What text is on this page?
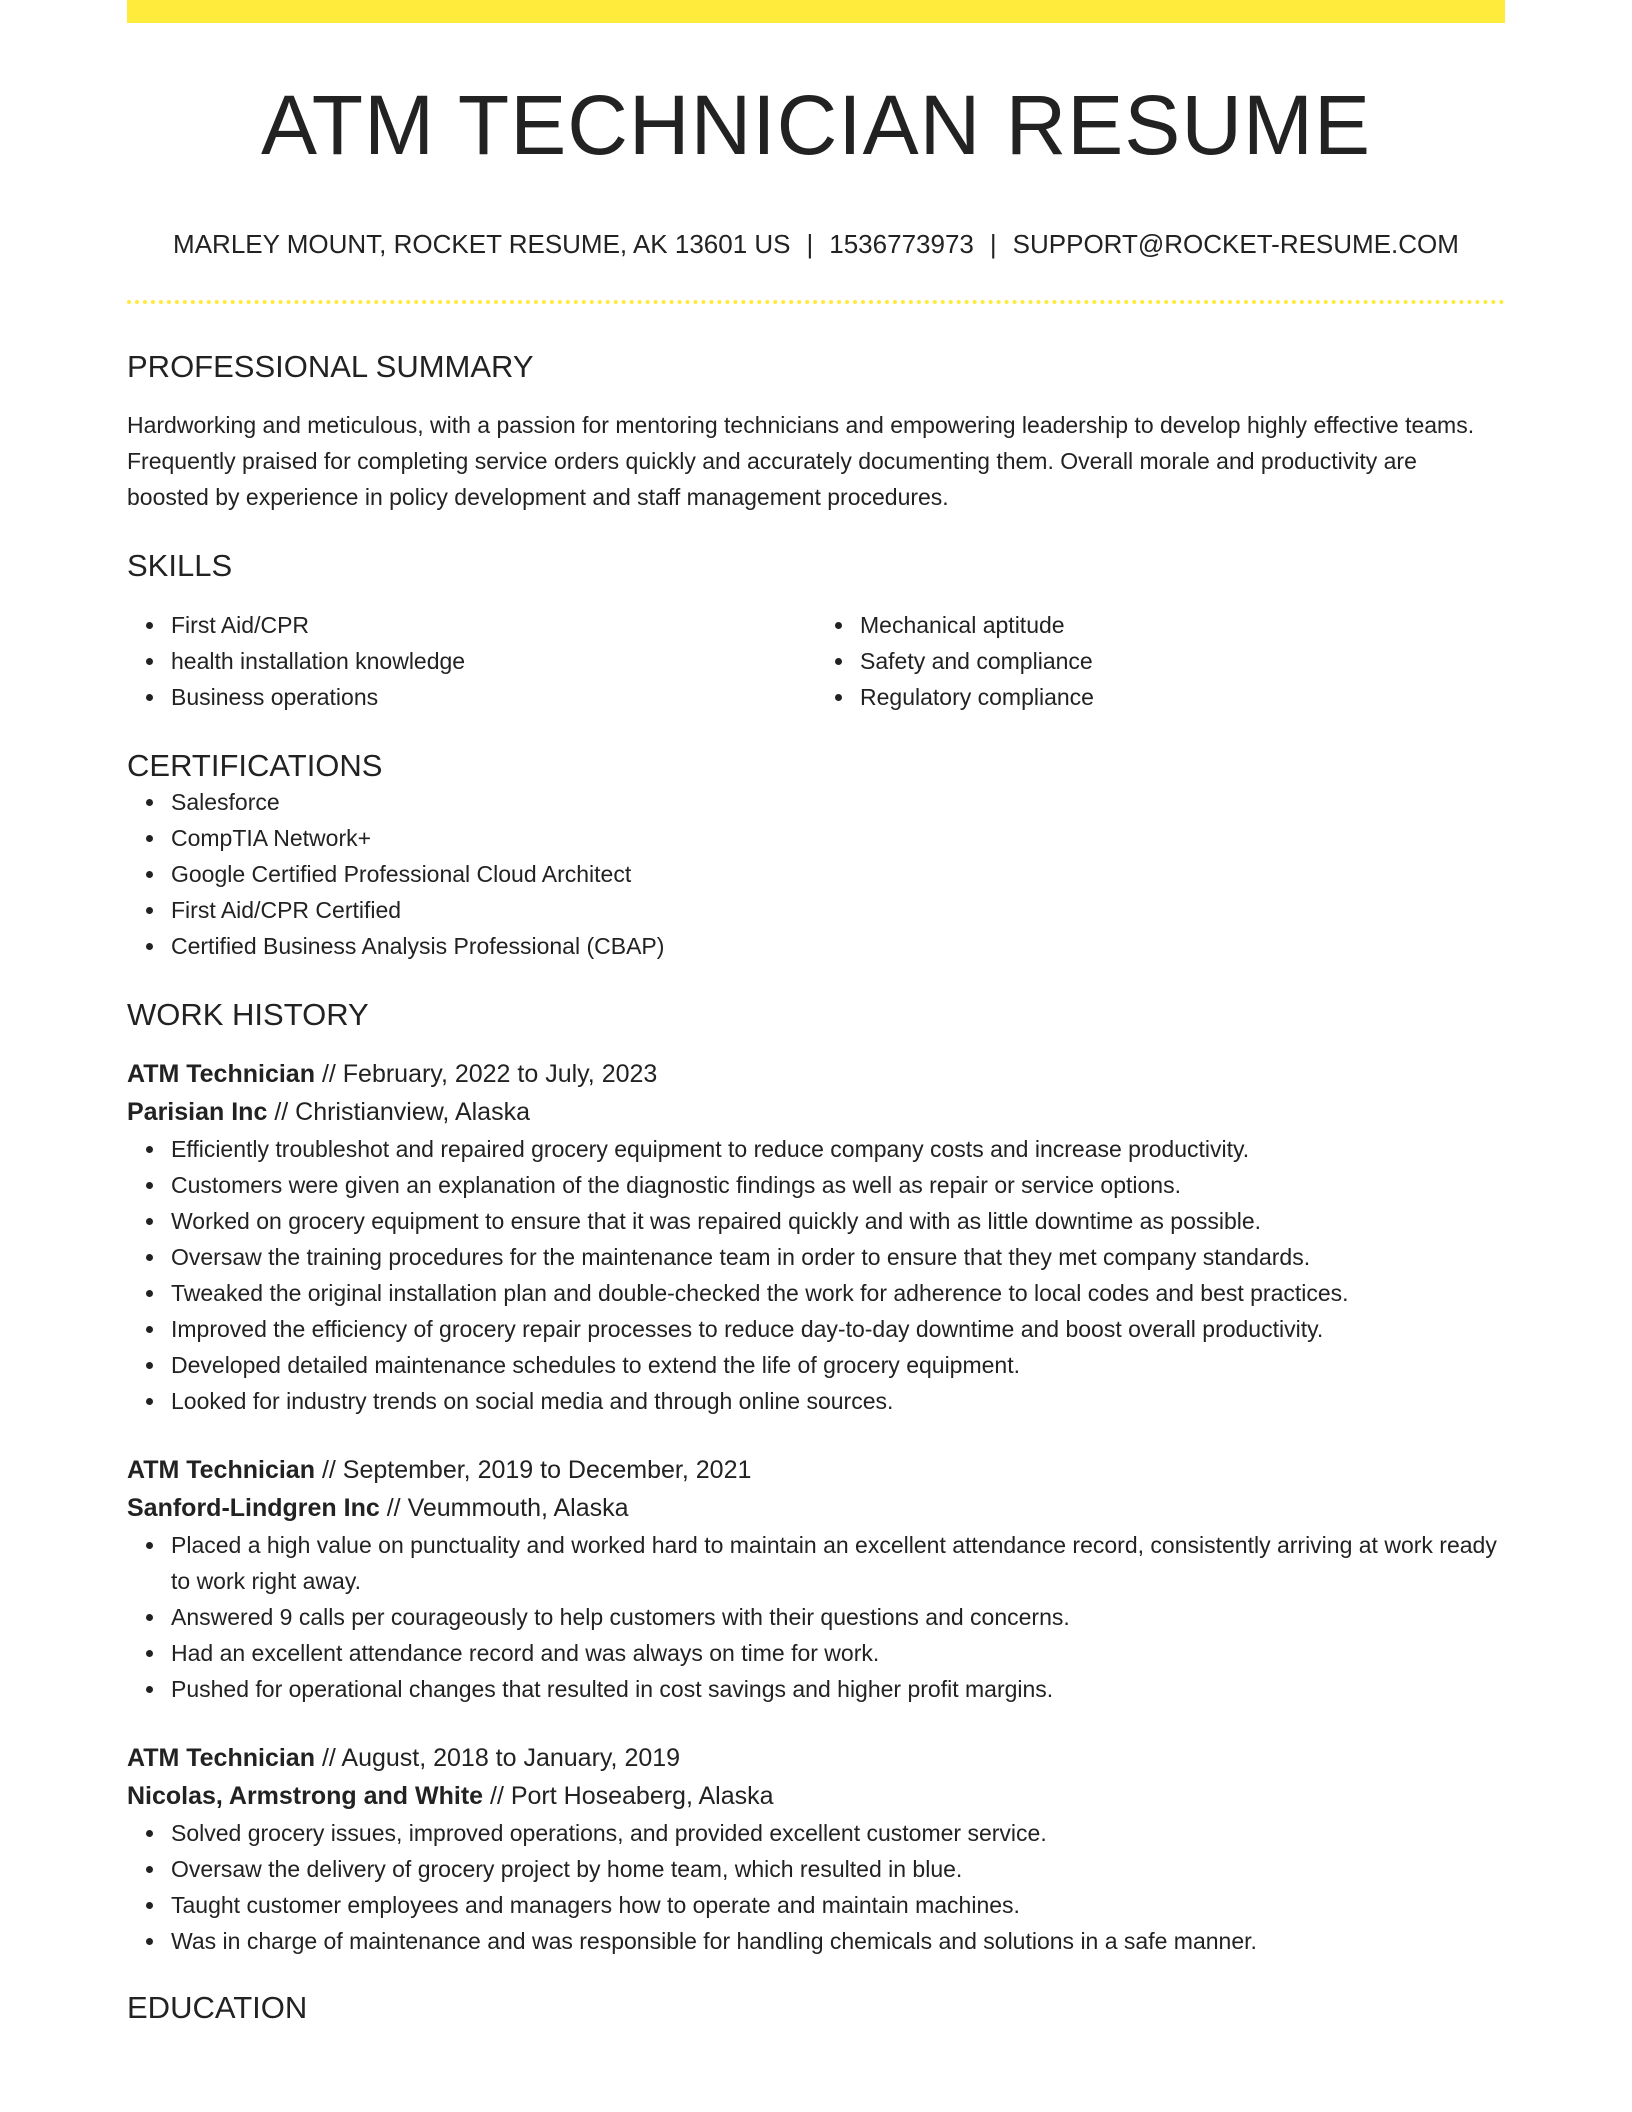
ATM TECHNICIAN RESUME
MARLEY MOUNT, ROCKET RESUME, AK 13601 US | 1536773973 | SUPPORT@ROCKET-RESUME.COM
PROFESSIONAL SUMMARY

Hardworking and meticulous, with a passion for mentoring technicians and empowering leadership to develop highly effective teams. Frequently praised for completing service orders quickly and accurately documenting them. Overall morale and productivity are boosted by experience in policy development and staff management procedures.

SKILLS
First Aid/CPR
health installation knowledge
Business operations
Mechanical aptitude
Safety and compliance
Regulatory compliance
CERTIFICATIONS
Salesforce
CompTIA Network+
Google Certified Professional Cloud Architect
First Aid/CPR Certified
Certified Business Analysis Professional (CBAP)
WORK HISTORY
ATM Technician // February, 2022 to July, 2023
Parisian Inc // Christianview, Alaska
Efficiently troubleshot and repaired grocery equipment to reduce company costs and increase productivity.
Customers were given an explanation of the diagnostic findings as well as repair or service options.
Worked on grocery equipment to ensure that it was repaired quickly and with as little downtime as possible.
Oversaw the training procedures for the maintenance team in order to ensure that they met company standards.
Tweaked the original installation plan and double-checked the work for adherence to local codes and best practices.
Improved the efficiency of grocery repair processes to reduce day-to-day downtime and boost overall productivity.
Developed detailed maintenance schedules to extend the life of grocery equipment.
Looked for industry trends on social media and through online sources.
ATM Technician // September, 2019 to December, 2021
Sanford-Lindgren Inc // Veummouth, Alaska
Placed a high value on punctuality and worked hard to maintain an excellent attendance record, consistently arriving at work ready to work right away.
Answered 9 calls per courageously to help customers with their questions and concerns.
Had an excellent attendance record and was always on time for work.
Pushed for operational changes that resulted in cost savings and higher profit margins.
ATM Technician // August, 2018 to January, 2019
Nicolas, Armstrong and White // Port Hoseaberg, Alaska
Solved grocery issues, improved operations, and provided excellent customer service.
Oversaw the delivery of grocery project by home team, which resulted in blue.
Taught customer employees and managers how to operate and maintain machines.
Was in charge of maintenance and was responsible for handling chemicals and solutions in a safe manner.
EDUCATION
